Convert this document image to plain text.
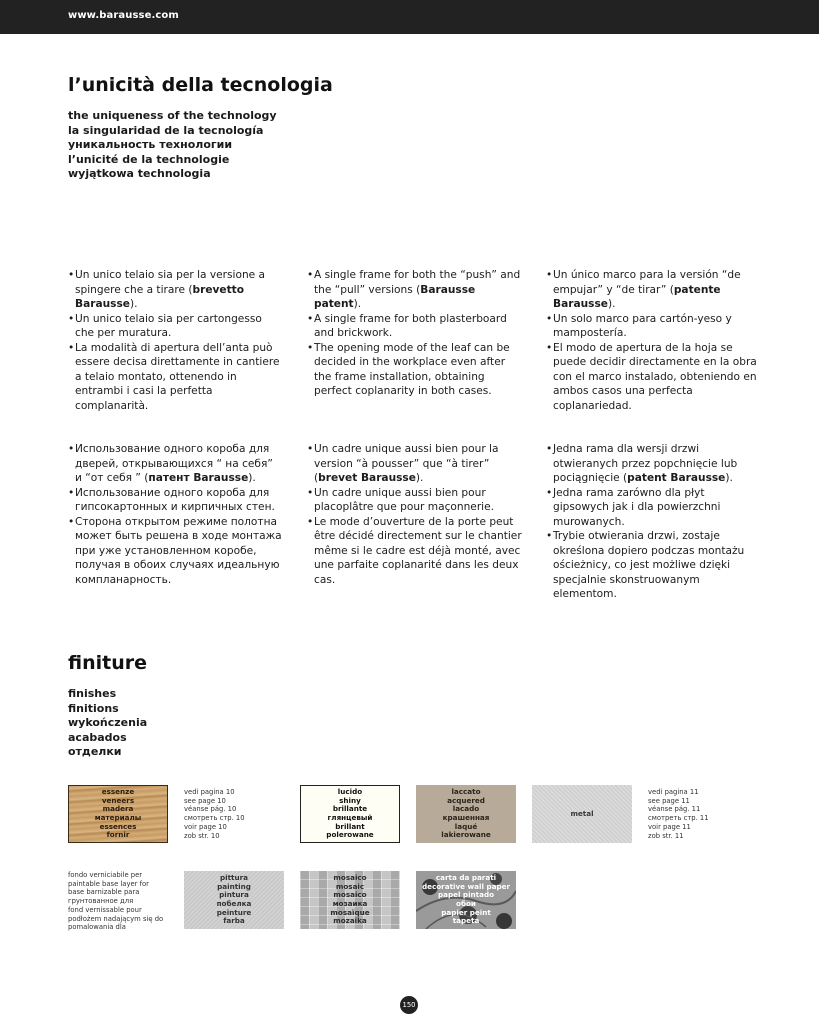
www.barausse.com
l’unicità della tecnologia
the uniqueness of the technology
la singularidad de la tecnología
уникальность технологии
l’unicité de la technologie
wyjątkowa technologia
• Un unico telaio sia per la versione a spingere che a tirare (brevetto Barausse).
• Un unico telaio sia per cartongesso che per muratura.
• La modalità di apertura dell’anta può essere decisa direttamente in cantiere a telaio montato, ottenendo in entrambi i casi la perfetta complanarità.
• A single frame for both the “push” and the “pull” versions (Barausse patent).
• A single frame for both plasterboard and brickwork.
• The opening mode of the leaf can be decided in the workplace even after the frame installation, obtaining perfect coplanarity in both cases.
• Un único marco para la versión “de empujar” y “de tirar” (patente Barausse).
• Un solo marco para cartón-yeso y mampostería.
• El modo de apertura de la hoja se puede decidir directamente en la obra con el marco instalado, obteniendo en ambos casos una perfecta coplanariedad.
• Использование одного короба для дверей, открывающихся “ на себя” и “от себя ” (патент Barausse).
• Использование одного короба для гипсокартонных и кирпичных стен.
• Сторона открытом режиме полотна может быть решена в ходе монтажа при уже установленном коробе, получая в обоих случаях идеальную компланарность.
• Un cadre unique aussi bien pour la version “à pousser” que “à tirer” (brevet Barausse).
• Un cadre unique aussi bien pour placoplâtre que pour maçonnerie.
• Le mode d’ouverture de la porte peut être décidé directement sur le chantier même si le cadre est déjà monté, avec une parfaite coplanarité dans les deux cas.
• Jedna rama dla wersji drzwi otwieranych przez popchnięcie lub pociągnięcie (patent Barausse).
• Jedna rama zarówno dla płyt gipsowych jak i dla powierzchni murowanych.
• Trybie otwierania drzwi, zostaje określona dopiero podczas montażu ościeżnicy, co jest możliwe dzięki specjalnie skonstruowanym elementom.
finiture
finishes
finitions
wykończenia
acabados
отделки
essenze
veneers
madera
материалы
essences
fornir
vedi pagina 10
see page 10
véanse pág. 10
смотреть стр. 10
voir page 10
zob str. 10
lucido
shiny
brillante
глянцевый
brillant
polerowane
laccato
acquered
lacado
крашенная
laqué
lakierowane
metal
vedi pagina 11
see page 11
véanse pág. 11
смотреть стр. 11
voir page 11
zob str. 11
fondo verniciabile per
paintable base layer for
base barnizable para
грунтованное для
fond vernissable pour
podłożem nadającym się do
pomalowania dla
pittura
painting
pintura
побелка
peinture
farba
mosaico
mosaic
mosaico
мозаика
mosaïque
mozaika
carta da parati
decorative wall paper
papel pintado
обои
papier peint
tapeta
150
